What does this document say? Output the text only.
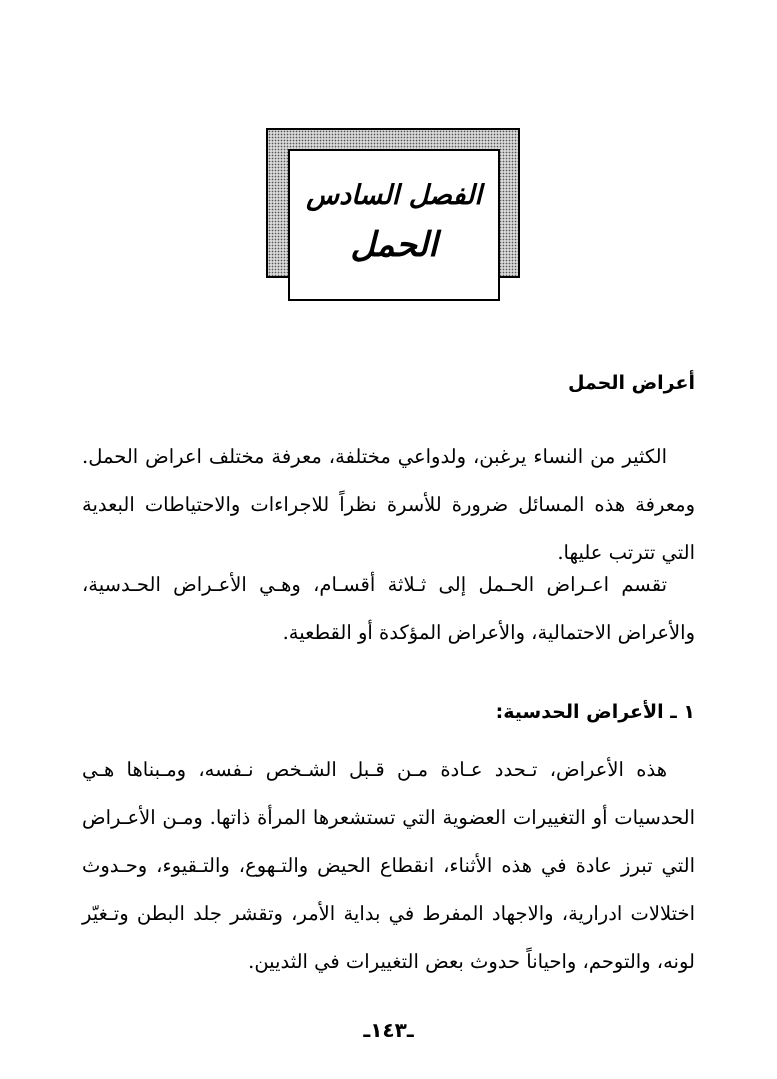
الفصل السادس
الحمل
أعراض الحمل
الكثير من النساء يرغبن، ولدواعي مختلفة، معرفة مختلف اعراض الحمل. ومعرفة هذه المسائل ضرورة للأسرة نظراً للاجراءات والاحتياطات البعدية التي تترتب عليها.
تقسم اعـراض الحـمل إلى ثـلاثة أقسـام، وهـي الأعـراض الحـدسية، والأعراض الاحتمالية، والأعراض المؤكدة أو القطعية.
١ ـ الأعراض الحدسية:
هذه الأعراض، تـحدد عـادة مـن قـبل الشـخص نـفسه، ومـبناها هـي الحدسيات أو التغييرات العضوية التي تستشعرها المرأة ذاتها. ومـن الأعـراض التي تبرز عادة في هذه الأثناء، انقطاع الحيض والتـهوع، والتـقيوء، وحـدوث اختلالات ادرارية، والاجهاد المفرط في بداية الأمر، وتقشر جلد البطن وتـغيّر لونه، والتوحم، واحياناً حدوث بعض التغييرات في الثديين.
ـ١٤٣ـ
